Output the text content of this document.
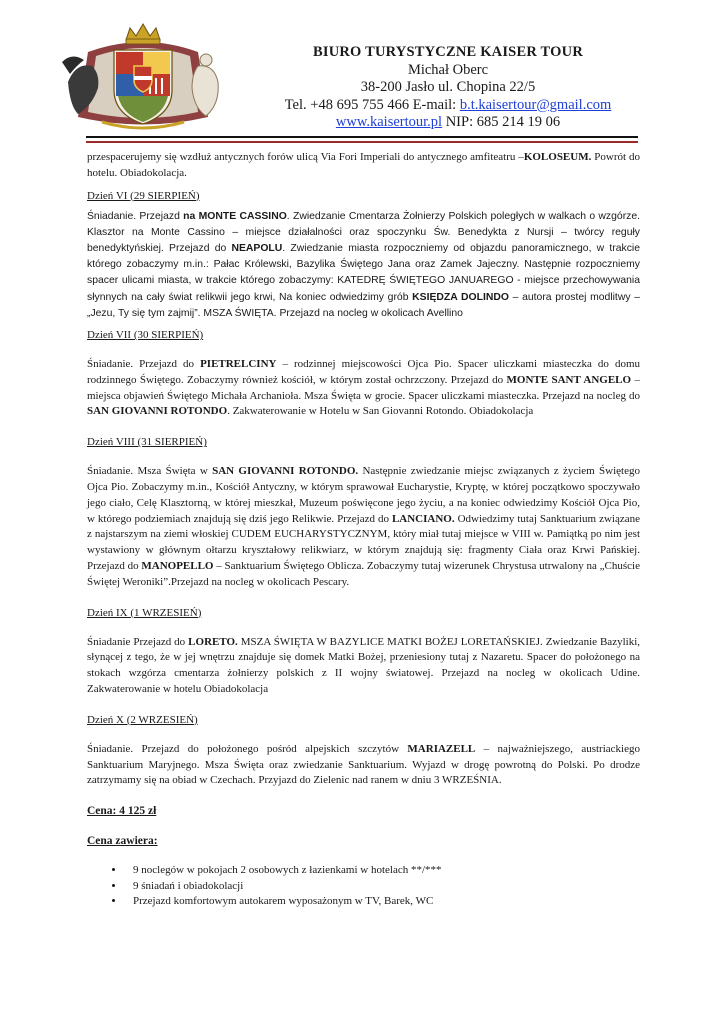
BIURO TURYSTYCZNE KAISER TOUR
Michał Oberc
38-200 Jasło ul. Chopina 22/5
Tel. +48 695 755 466 E-mail: b.t.kaisertour@gmail.com
www.kaisertour.pl NIP: 685 214 19 06

przespacerujemy się wzdłuż antycznych forów ulicą Via Fori Imperiali do antycznego amfiteatru –KOLOSEUM. Powrót do hotelu. Obiadokolacja.

Dzień VI (29 SIERPIEŃ)

Śniadanie. Przejazd na MONTE CASSINO. Zwiedzanie Cmentarza Żołnierzy Polskich poległych w walkach o wzgórze. Klasztor na Monte Cassino – miejsce działalności oraz spoczynku Św. Benedykta z Nursji – twórcy reguły benedyktyńskiej. Przejazd do NEAPOLU. Zwiedzanie miasta rozpoczniemy od objazdu panoramicznego, w trakcie którego zobaczymy m.in.: Pałac Królewski, Bazylika Świętego Jana oraz Zamek Jajeczny. Następnie rozpoczniemy spacer ulicami miasta, w trakcie którego zobaczymy: KATEDRĘ ŚWIĘTEGO JANUAREGO - miejsce przechowywania słynnych na cały świat relikwii jego krwi, Na koniec odwiedzimy grób KSIĘDZA DOLINDO – autora prostej modlitwy –„Jezu, Ty się tym zajmij”. MSZA ŚWIĘTA. Przejazd na nocleg w okolicach Avellino

Dzień VII (30 SIERPIEŃ)

Śniadanie. Przejazd do PIETRELCINY – rodzinnej miejscowości Ojca Pio. Spacer uliczkami miasteczka do domu rodzinnego Świętego. Zobaczymy również kościół, w którym został ochrzczony. Przejazd do MONTE SANT ANGELO – miejsca objawień Świętego Michała Archanioła. Msza Święta w grocie. Spacer uliczkami miasteczka. Przejazd na nocleg do SAN GIOVANNI ROTONDO. Zakwaterowanie w Hotelu w San Giovanni Rotondo. Obiadokolacja

Dzień VIII (31 SIERPIEŃ)

Śniadanie. Msza Święta w SAN GIOVANNI ROTONDO. Następnie zwiedzanie miejsc związanych z życiem Świętego Ojca Pio. Zobaczymy m.in., Kościół Antyczny, w którym sprawował Eucharystie, Kryptę, w której początkowo spoczywało jego ciało, Celę Klasztorną, w której mieszkał, Muzeum poświęcone jego życiu, a na koniec odwiedzimy Kościół Ojca Pio, w którego podziemiach znajdują się dziś jego Relikwie. Przejazd do LANCIANO. Odwiedzimy tutaj Sanktuarium związane z najstarszym na ziemi włoskiej CUDEM EUCHARYSTYCZNYM, który miał tutaj miejsce w VIII w. Pamiątką po nim jest wystawiony w głównym ołtarzu kryształowy relikwiarz, w którym znajdują się: fragmenty Ciała oraz Krwi Pańskiej. Przejazd do MANOPELLO – Sanktuarium Świętego Oblicza. Zobaczymy tutaj wizerunek Chrystusa utrwalony na „Chuście Świętej Weroniki”.Przejazd na nocleg w okolicach Pescary.

Dzień IX (1 WRZESIEŃ)

Śniadanie Przejazd do LORETO. MSZA ŚWIĘTA W BAZYLICE MATKI BOŻEJ LORETAŃSKIEJ. Zwiedzanie Bazyliki, słynącej z tego, że w jej wnętrzu znajduje się domek Matki Bożej, przeniesiony tutaj z Nazaretu. Spacer do położonego na stokach wzgórza cmentarza żołnierzy polskich z II wojny światowej. Przejazd na nocleg w okolicach Udine. Zakwaterowanie w hotelu Obiadokolacja

Dzień X (2 WRZESIEŃ)

Śniadanie. Przejazd do położonego pośród alpejskich szczytów MARIAZELL – najważniejszego, austriackiego Sanktuarium Maryjnego. Msza Święta oraz zwiedzanie Sanktuarium. Wyjazd w drogę powrotną do Polski. Po drodze zatrzymamy się na obiad w Czechach. Przyjazd do Zielenic nad ranem w dniu 3 WRZEŚNIA.

Cena: 4 125 zł
Cena zawiera:
• 9 noclegów w pokojach 2 osobowych z łazienkami w hotelach **/***
• 9 śniadań i obiadokolacji
• Przejazd komfortowym autokarem wyposażonym w TV, Barek, WC
